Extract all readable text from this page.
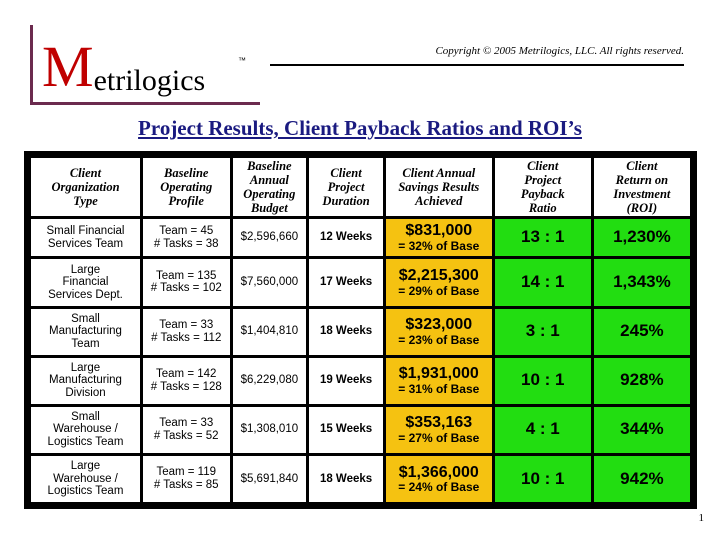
Metrilogics
™
Copyright © 2005 Metrilogics, LLC. All rights reserved.
Project Results, Client Payback Ratios and ROI’s
Client
Organization
Type	Baseline
Operating
Profile	Baseline
Annual
Operating
Budget	Client
Project
Duration	Client Annual
Savings Results
Achieved	Client
Project
Payback
Ratio	Client
Return on
Investment
(ROI)

Small Financial
Services Team	Team = 45
# Tasks = 38	$2,596,660	12 Weeks	$831,000
= 32% of Base	13 : 1	1,230%

Large
Financial
Services Dept.	Team = 135
# Tasks = 102	$7,560,000	17 Weeks	$2,215,300
= 29% of Base	14 : 1	1,343%

Small
Manufacturing
Team	Team = 33
# Tasks = 112	$1,404,810	18 Weeks	$323,000
= 23% of Base	3 : 1	245%

Large
Manufacturing
Division	Team = 142
# Tasks = 128	$6,229,080	19 Weeks	$1,931,000
= 31% of Base	10 : 1	928%

Small
Warehouse /
Logistics Team	Team = 33
# Tasks = 52	$1,308,010	15 Weeks	$353,163
= 27% of Base	4 : 1	344%

Large
Warehouse /
Logistics Team	Team = 119
# Tasks = 85	$5,691,840	18 Weeks	$1,366,000
= 24% of Base	10 : 1	942%
1
